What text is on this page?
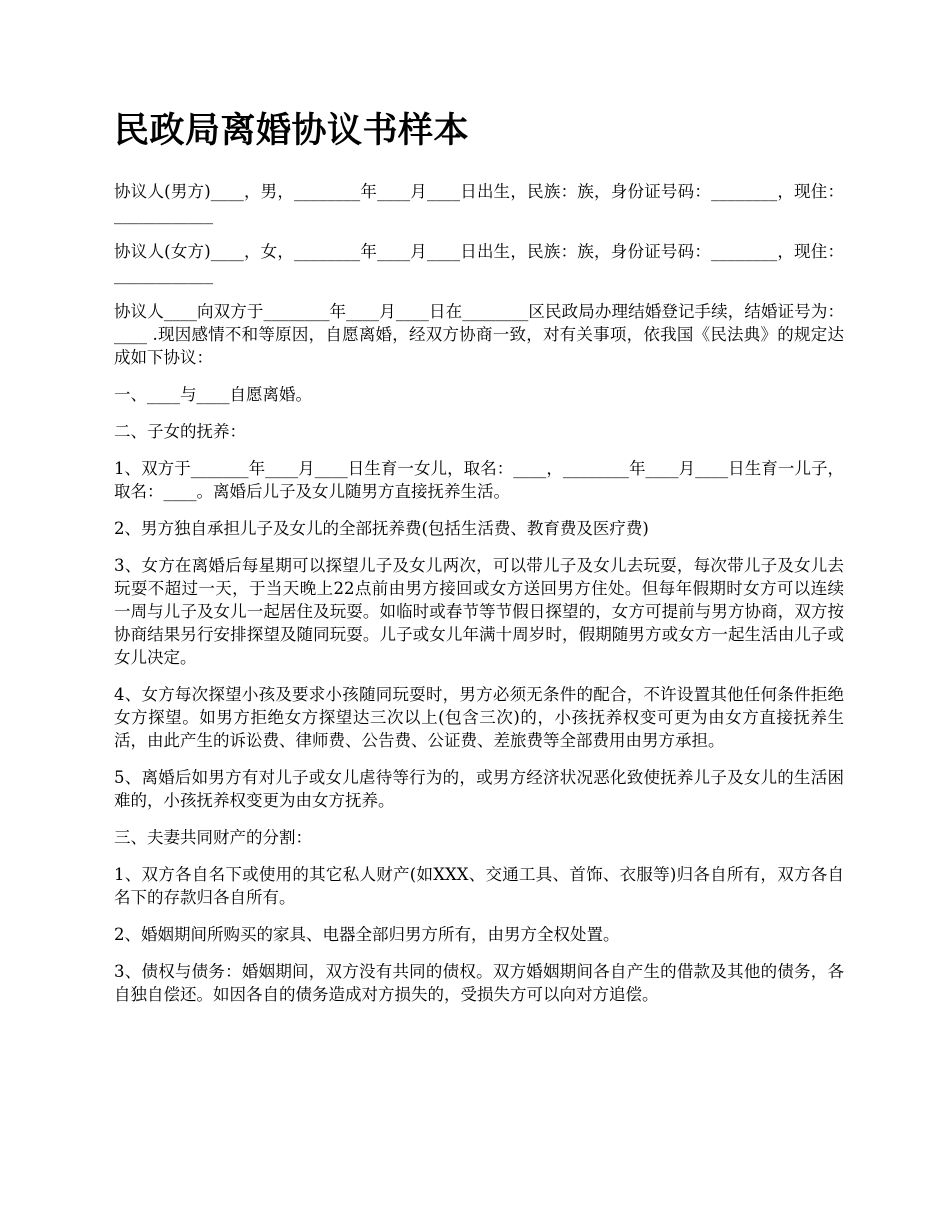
民政局离婚协议书样本

协议人(男方)____，男，________年____月____日出生，民族：族，身份证号码：________，现住：____________

协议人(女方)____，女，________年____月____日出生，民族：族，身份证号码：________，现住：____________

协议人____向双方于________年____月____日在________区民政局办理结婚登记手续，结婚证号为：____ .现因感情不和等原因，自愿离婚，经双方协商一致，对有关事项，依我国《民法典》的规定达成如下协议：

一、____与____自愿离婚。

二、子女的抚养：

1、双方于_______年____月____日生育一女儿，取名：____，________年____月____日生育一儿子，取名：____。离婚后儿子及女儿随男方直接抚养生活。

2、男方独自承担儿子及女儿的全部抚养费(包括生活费、教育费及医疗费)

3、女方在离婚后每星期可以探望儿子及女儿两次，可以带儿子及女儿去玩耍，每次带儿子及女儿去玩耍不超过一天，于当天晚上22点前由男方接回或女方送回男方住处。但每年假期时女方可以连续一周与儿子及女儿一起居住及玩耍。如临时或春节等节假日探望的，女方可提前与男方协商，双方按协商结果另行安排探望及随同玩耍。儿子或女儿年满十周岁时，假期随男方或女方一起生活由儿子或女儿决定。

4、女方每次探望小孩及要求小孩随同玩耍时，男方必须无条件的配合，不许设置其他任何条件拒绝女方探望。如男方拒绝女方探望达三次以上(包含三次)的，小孩抚养权变可更为由女方直接抚养生活，由此产生的诉讼费、律师费、公告费、公证费、差旅费等全部费用由男方承担。

5、离婚后如男方有对儿子或女儿虐待等行为的，或男方经济状况恶化致使抚养儿子及女儿的生活困难的，小孩抚养权变更为由女方抚养。

三、夫妻共同财产的分割：

1、双方各自名下或使用的其它私人财产(如XXX、交通工具、首饰、衣服等)归各自所有，双方各自名下的存款归各自所有。

2、婚姻期间所购买的家具、电器全部归男方所有，由男方全权处置。

3、债权与债务：婚姻期间，双方没有共同的债权。双方婚姻期间各自产生的借款及其他的债务，各自独自偿还。如因各自的债务造成对方损失的，受损失方可以向对方追偿。
